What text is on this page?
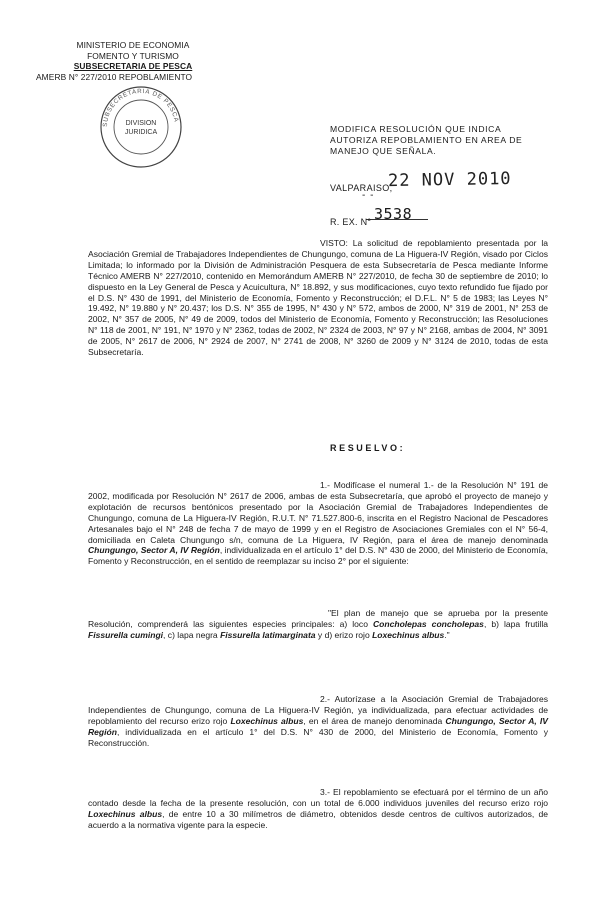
MINISTERIO DE ECONOMIA
FOMENTO Y TURISMO
SUBSECRETARIA DE PESCA
AMERB N° 227/2010 REPOBLAMIENTO
SUBSECRETARIA DE PESCA
DIVISION
JURIDICA	MODIFICA RESOLUCIÓN QUE INDICA AUTORIZA REPOBLAMIENTO EN AREA DE MANEJO QUE SEÑALA.
22 NOV 2010
VALPARAISO,
- -
3538
R. EX. N°

VISTO: La solicitud de repoblamiento presentada por la Asociación Gremial de Trabajadores Independientes de Chungungo, comuna de La Higuera-IV Región, visado por Ciclos Limitada; lo informado por la División de Administración Pesquera de esta Subsecretaría de Pesca mediante Informe Técnico AMERB N° 227/2010, contenido en Memorándum AMERB N° 227/2010, de fecha 30 de septiembre de 2010; lo dispuesto en la Ley General de Pesca y Acuicultura, N° 18.892, y sus modificaciones, cuyo texto refundido fue fijado por el D.S. N° 430 de 1991, del Ministerio de Economía, Fomento y Reconstrucción; el D.F.L. N° 5 de 1983; las Leyes N° 19.492, N° 19.880 y N° 20.437; los D.S. N° 355 de 1995, N° 430 y N° 572, ambos de 2000, N° 319 de 2001, N° 253 de 2002, N° 357 de 2005, N° 49 de 2009, todos del Ministerio de Economía, Fomento y Reconstrucción; las Resoluciones N° 118 de 2001, N° 191, N° 1970 y N° 2362, todas de 2002, N° 2324 de 2003, N° 97 y N° 2168, ambas de 2004, N° 3091 de 2005, N° 2617 de 2006, N° 2924 de 2007, N° 2741 de 2008, N° 3260 de 2009 y N° 3124 de 2010, todas de esta Subsecretaría.

RESUELVO:

1.- Modifícase el numeral 1.- de la Resolución N° 191 de 2002, modificada por Resolución N° 2617 de 2006, ambas de esta Subsecretaría, que aprobó el proyecto de manejo y explotación de recursos bentónicos presentado por la Asociación Gremial de Trabajadores Independientes de Chungungo, comuna de La Higuera-IV Región, R.U.T. N° 71.527.800-6, inscrita en el Registro Nacional de Pescadores Artesanales bajo el N° 248 de fecha 7 de mayo de 1999 y en el Registro de Asociaciones Gremiales con el N° 56-4, domiciliada en Caleta Chungungo s/n, comuna de La Higuera, IV Región, para el área de manejo denominada Chungungo, Sector A, IV Región, individualizada en el artículo 1° del D.S. N° 430 de 2000, del Ministerio de Economía, Fomento y Reconstrucción, en el sentido de reemplazar su inciso 2° por el siguiente:

"El plan de manejo que se aprueba por la presente Resolución, comprenderá las siguientes especies principales: a) loco Concholepas concholepas, b) lapa frutilla Fissurella cumingi, c) lapa negra Fissurella latimarginata y d) erizo rojo Loxechinus albus."

2.- Autorízase a la Asociación Gremial de Trabajadores Independientes de Chungungo, comuna de La Higuera-IV Región, ya individualizada, para efectuar actividades de repoblamiento del recurso erizo rojo Loxechinus albus, en el área de manejo denominada Chungungo, Sector A, IV Región, individualizada en el artículo 1° del D.S. N° 430 de 2000, del Ministerio de Economía, Fomento y Reconstrucción.

3.- El repoblamiento se efectuará por el término de un año contado desde la fecha de la presente resolución, con un total de 6.000 individuos juveniles del recurso erizo rojo Loxechinus albus, de entre 10 a 30 milímetros de diámetro, obtenidos desde centros de cultivos autorizados, de acuerdo a la normativa vigente para la especie.
